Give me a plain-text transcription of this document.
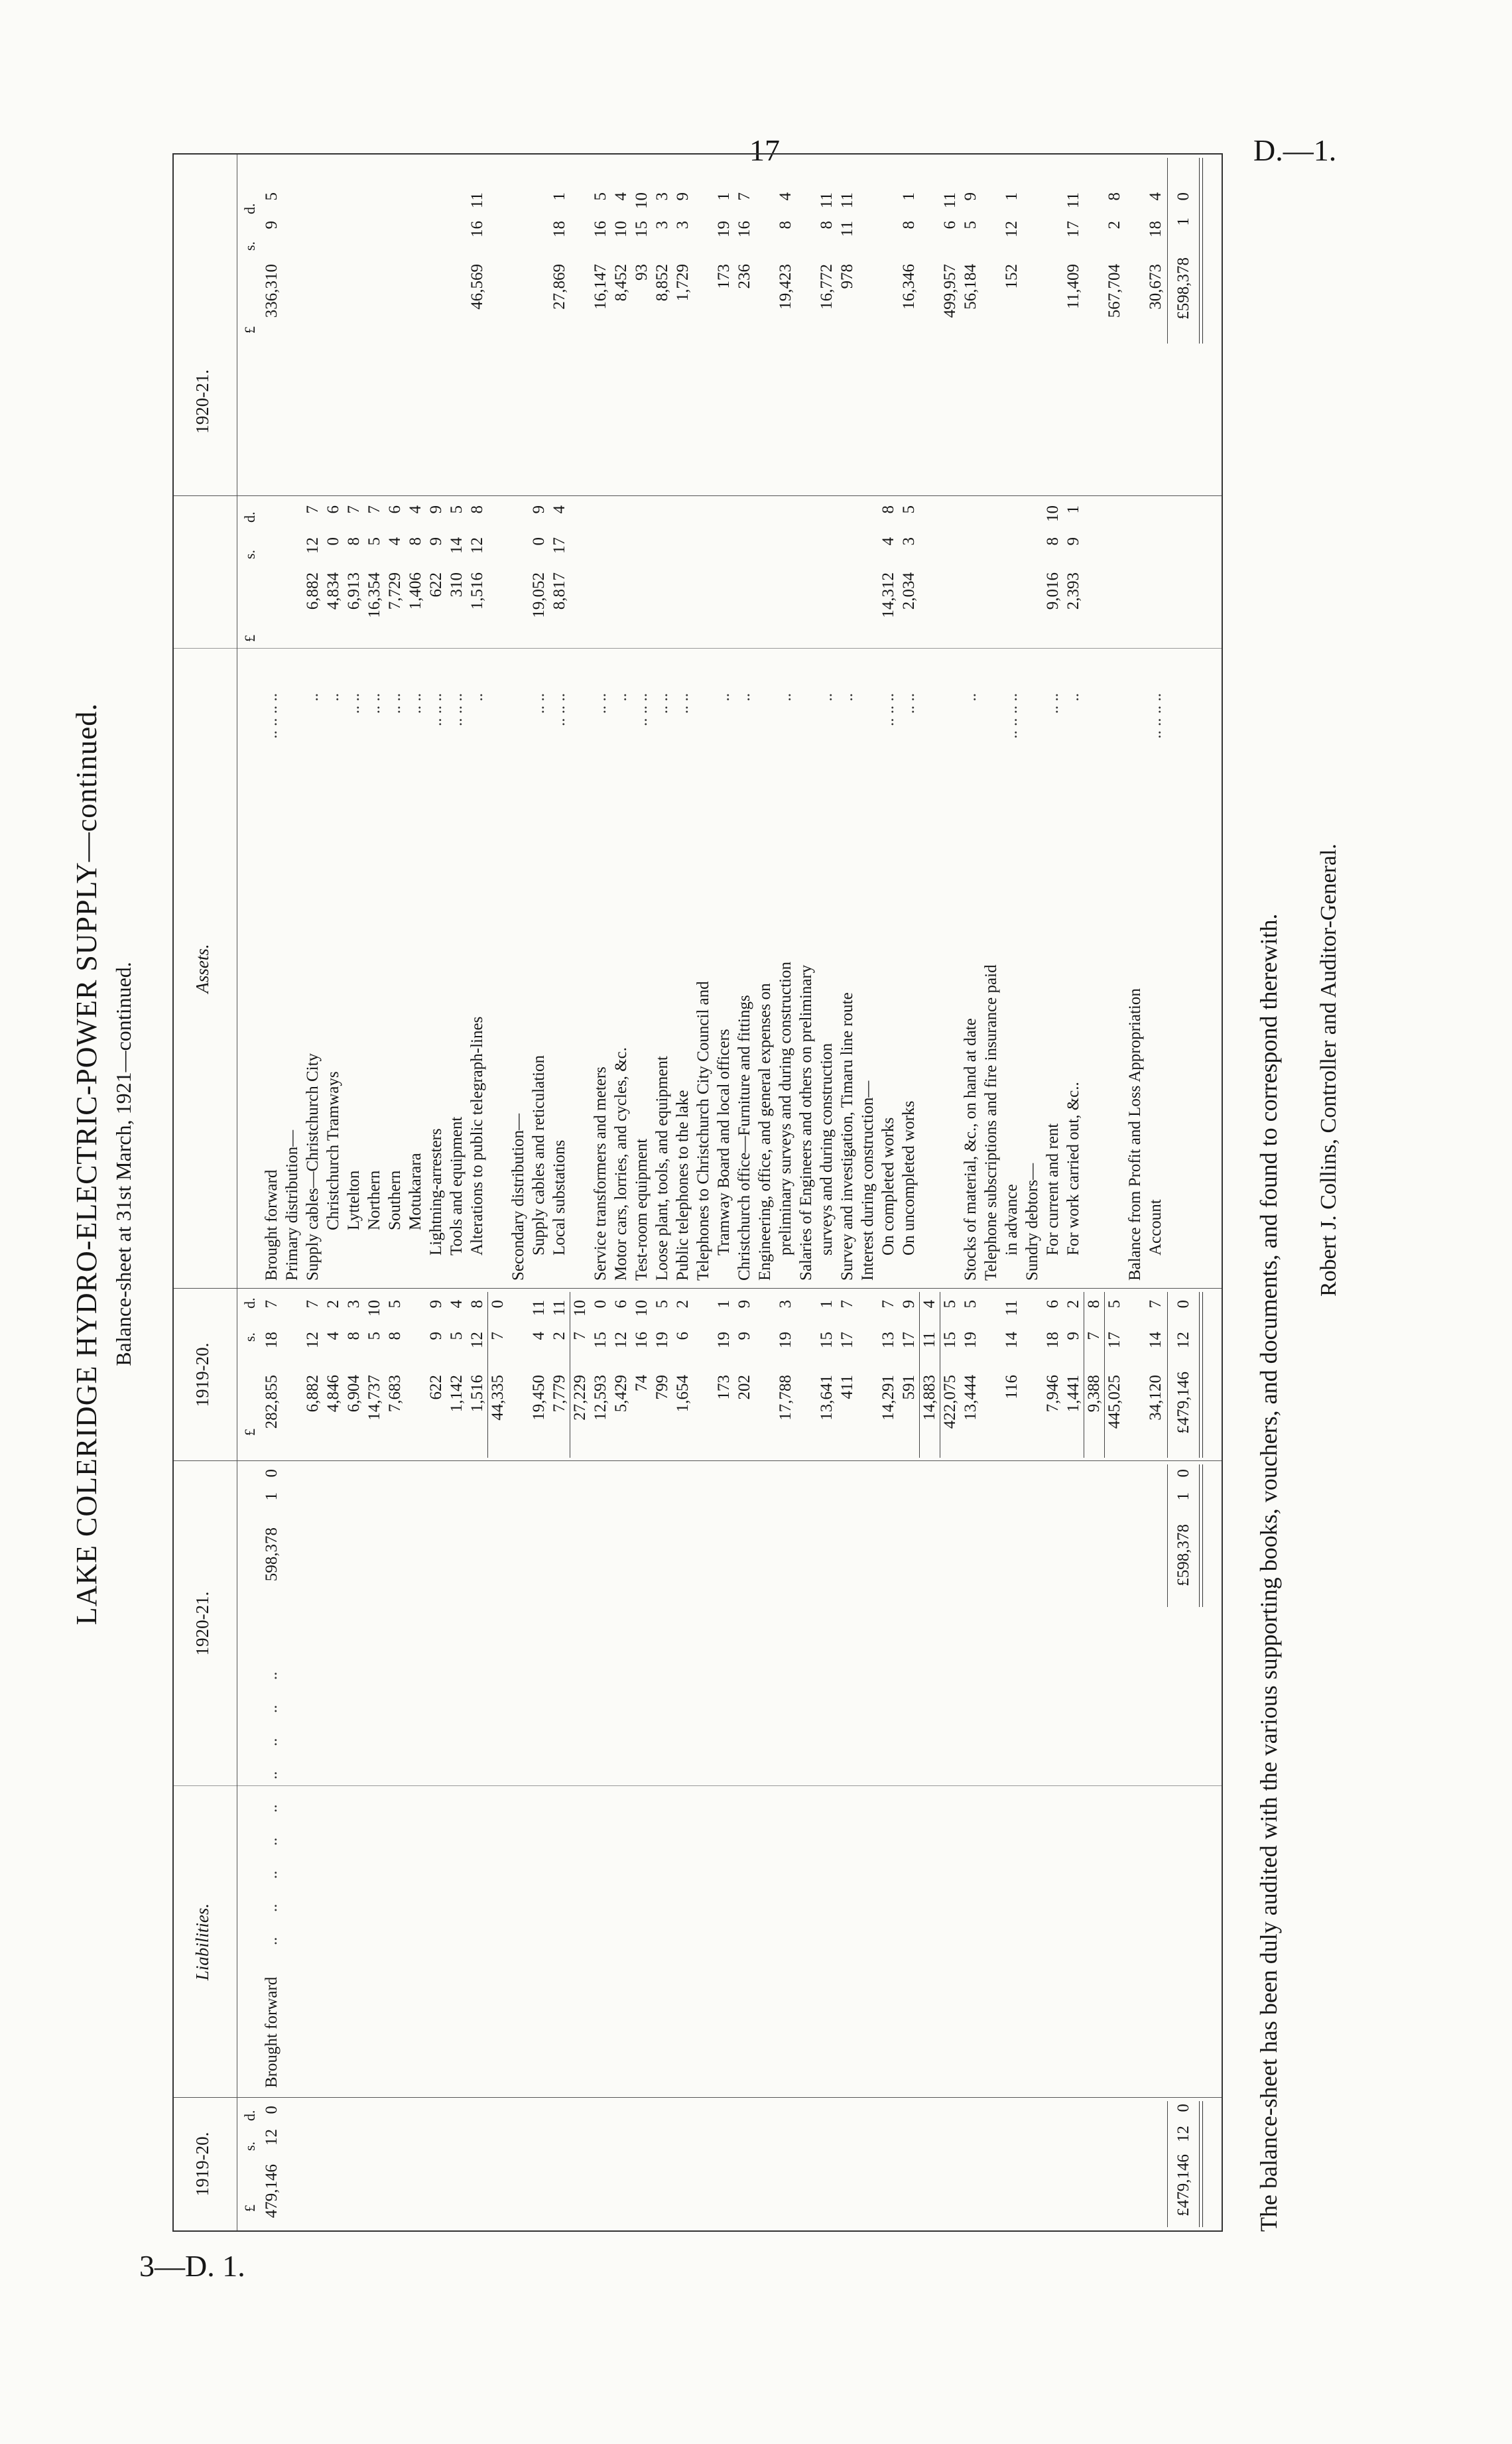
17	D.—1.
3—D. 1.
LAKE COLERIDGE HYDRO-ELECTRIC-POWER SUPPLY—continued. Balance-sheet at 31st March, 1921—continued.
1919-20.
Liabilities.
1920-21.
1919-20.
Assets.
1920-21.
£
s.
d.
£
s.
d.
£
s.
d.
£
s.
d.
479,146
12
0
Brought forward
..      ..      ..      ..      ..      ..      ..      ..      ..
598,378
1
0
282,855
18
7
Brought forward
.. .. .. ..
336,310
9
5
Primary distribution—
6,882
12
7
Supply cables—Christchurch City
..
6,882
12
7
4,846
4
2
Christchurch Tramways
..
4,834
0
6
6,904
8
3
Lyttelton
.. ..
6,913
8
7
14,737
5
10
Northern
.. ..
16,354
5
7
7,683
8
5
Southern
.. ..
7,729
4
6
Motukarara
.. ..
1,406
8
4
622
9
9
Lightning-arresters
.. .. ..
622
9
9
1,142
5
4
Tools and equipment
.. .. ..
310
14
5
1,516
12
8
Alterations to public telegraph-lines
..
1,516
12
8
46,569
16
11
44,335
7
0
Secondary distribution—
19,450
4
11
Supply cables and reticulation
.. ..
19,052
0
9
7,779
2
11
Local substations
.. .. ..
8,817
17
4
27,869
18
1
27,229
7
10
12,593
15
0
Service transformers and meters
.. ..
16,147
16
5
5,429
12
6
Motor cars, lorries, and cycles, &c.
..
8,452
10
4
74
16
10
Test-room equipment
.. .. ..
93
15
10
799
19
5
Loose plant, tools, and equipment
.. ..
8,852
3
3
1,654
6
2
Public telephones to the lake
.. ..
1,729
3
9
Telephones to Christchurch City Council and
173
19
1
Tramway Board and local officers
..
173
19
1
202
9
9
Christchurch office—Furniture and fittings
..
236
16
7
Engineering, office, and general expenses on
17,788
19
3
preliminary surveys and during construction
..
19,423
8
4
Salaries of Engineers and others on preliminary
13,641
15
1
surveys and during construction
..
16,772
8
11
411
17
7
Survey and investigation, Timaru line route
..
978
11
11
Interest during construction—
14,291
13
7
On completed works
.. .. ..
14,312
4
8
591
17
9
On uncompleted works
.. ..
2,034
3
5
16,346
8
1
14,883
11
4
422,075
15
5
499,957
6
11
13,444
19
5
Stocks of material, &c., on hand at date
..
56,184
5
9
Telephone subscriptions and fire insurance paid
116
14
11
in advance
.. .. .. ..
152
12
1
Sundry debtors—
7,946
18
6
For current and rent
.. ..
9,016
8
10
1,441
9
2
For work carried out, &c..
..
2,393
9
1
11,409
17
11
9,388
7
8
445,025
17
5
567,704
2
8
Balance from Profit and Loss Appropriation
34,120
14
7
Account
.. .. .. ..
30,673
18
4
£479,146
12
0
£598,378
1
0
£479,146
12
0
£598,378
1
0
The balance-sheet has been duly audited with the various supporting books, vouchers, and documents, and found to correspond therewith. Robert J. Collins, Controller and Auditor-General.
